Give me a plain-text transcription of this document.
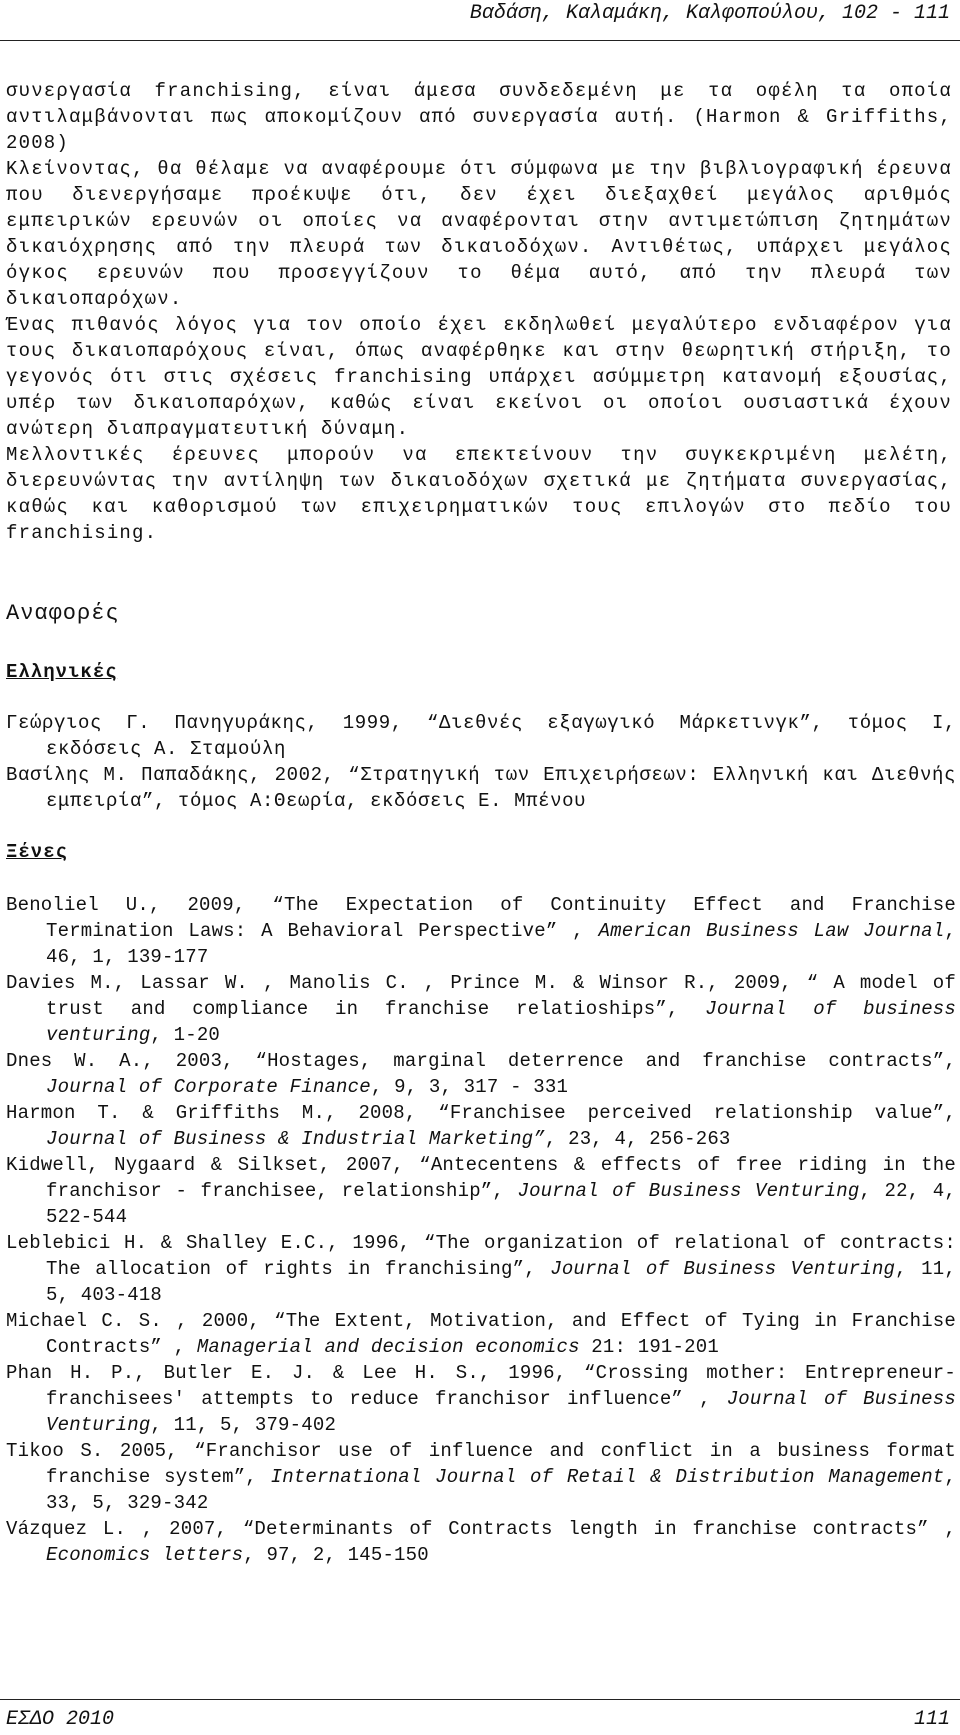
Βαδάση, Καλαμάκη, Καλφοπούλου, 102 - 111

συνεργασία franchising, είναι άμεσα συνδεδεμένη με τα οφέλη τα οποία αντιλαμβάνονται πως αποκομίζουν από συνεργασία αυτή. (Harmon & Griffiths, 2008)

Κλείνοντας, θα θέλαμε να αναφέρουμε ότι σύμφωνα με την βιβλιογραφική έρευνα που διενεργήσαμε προέκυψε ότι, δεν έχει διεξαχθεί μεγάλος αριθμός εμπειρικών ερευνών οι οποίες να αναφέρονται στην αντιμετώπιση ζητημάτων δικαιόχρησης από την πλευρά των δικαιοδόχων. Αντιθέτως, υπάρχει μεγάλος όγκος ερευνών που προσεγγίζουν το θέμα αυτό, από την πλευρά των δικαιοπαρόχων.

Ένας πιθανός λόγος για τον οποίο έχει εκδηλωθεί μεγαλύτερο ενδιαφέρον για τους δικαιοπαρόχους είναι, όπως αναφέρθηκε και στην θεωρητική στήριξη, το γεγονός ότι στις σχέσεις franchising υπάρχει ασύμμετρη κατανομή εξουσίας, υπέρ των δικαιοπαρόχων, καθώς είναι εκείνοι οι οποίοι ουσιαστικά έχουν ανώτερη διαπραγματευτική δύναμη.

Μελλοντικές έρευνες μπορούν να επεκτείνουν την συγκεκριμένη μελέτη, διερευνώντας την αντίληψη των δικαιοδόχων σχετικά με ζητήματα συνεργασίας, καθώς και καθορισμού των επιχειρηματικών τους επιλογών στο πεδίο του franchising.

Αναφορές
Ελληνικές

Γεώργιος Γ. Πανηγυράκης, 1999, “Διεθνές εξαγωγικό Μάρκετινγκ”, τόμος Ι, εκδόσεις Α. Σταμούλη

Βασίλης Μ. Παπαδάκης, 2002, “Στρατηγική των Επιχειρήσεων: Ελληνική και Διεθνής εμπειρία”, τόμος Α:Θεωρία, εκδόσεις Ε. Μπένου

Ξένες

Benoliel U., 2009, “The Expectation of Continuity Effect and Franchise Termination Laws: A Behavioral Perspective” , American Business Law Journal, 46, 1, 139-177

Davies M., Lassar W. , Manolis C. , Prince M. & Winsor R., 2009, “ A model of trust and compliance in franchise relatioships”, Journal of business venturing, 1-20

Dnes W. A., 2003, “Hostages, marginal deterrence and franchise contracts”, Journal of Corporate Finance, 9, 3, 317 - 331

Harmon T. & Griffiths M., 2008, “Franchisee perceived relationship value”, Journal of Business & Industrial Marketing”, 23, 4, 256-263

Kidwell, Nygaard & Silkset, 2007, “Antecentens & effects of free riding in the franchisor - franchisee, relationship”, Journal of Business Venturing, 22, 4, 522-544

Leblebici H. & Shalley E.C., 1996, “The organization of relational of contracts: The allocation of rights in franchising”, Journal of Business Venturing, 11, 5, 403-418

Michael C. S. , 2000, “The Extent, Motivation, and Effect of Tying in Franchise Contracts” , Managerial and decision economics 21: 191-201

Phan H. P., Butler E. J. & Lee H. S., 1996, “Crossing mother: Entrepreneur-franchisees' attempts to reduce franchisor influence” , Journal of Business Venturing, 11, 5, 379-402

Tikoo S. 2005, “Franchisor use of influence and conflict in a business format franchise system”, International Journal of Retail & Distribution Management, 33, 5, 329-342

Vázquez L. , 2007, “Determinants of Contracts length in franchise contracts” , Economics letters, 97, 2, 145-150

ΕΣΔΟ 2010	111
